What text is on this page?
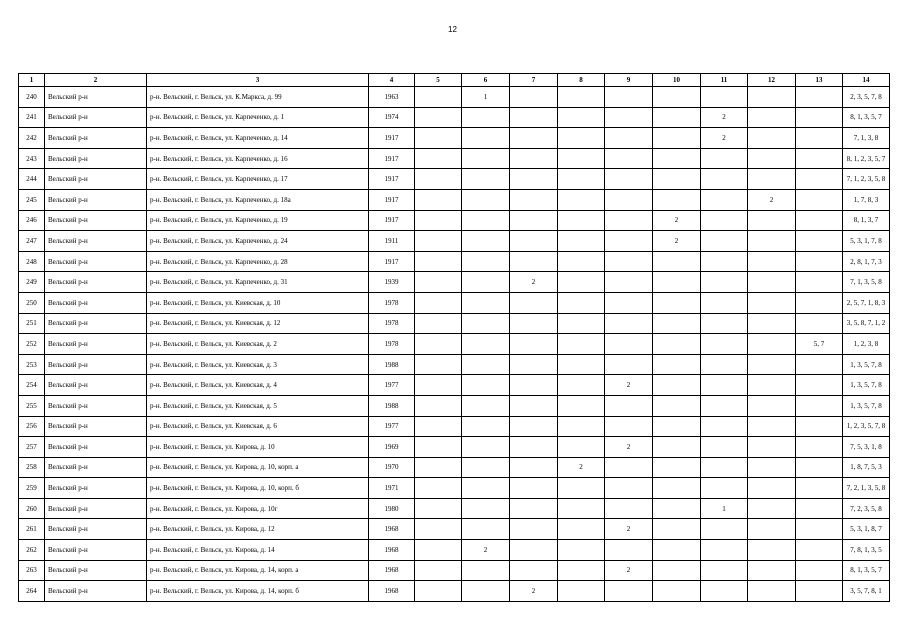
12
1	2	3	4	5	6	7	8	9	10	11	12	13	14
240	Вельский р-н	р-н. Вельский, г. Вельск, ул. К.Маркса, д. 99	1963		1								2, 3, 5, 7, 8
241	Вельский р-н	р-н. Вельский, г. Вельск, ул. Карпеченко, д. 1	1974							2			8, 1, 3, 5, 7
242	Вельский р-н	р-н. Вельский, г. Вельск, ул. Карпеченко, д. 14	1917							2			7, 1, 3, 8
243	Вельский р-н	р-н. Вельский, г. Вельск, ул. Карпеченко, д. 16	1917										8, 1, 2, 3, 5, 7
244	Вельский р-н	р-н. Вельский, г. Вельск, ул. Карпеченко, д. 17	1917										7, 1, 2, 3, 5, 8
245	Вельский р-н	р-н. Вельский, г. Вельск, ул. Карпеченко, д. 18а	1917								2		1, 7, 8, 3
246	Вельский р-н	р-н. Вельский, г. Вельск, ул. Карпеченко, д. 19	1917						2				8, 1, 3, 7
247	Вельский р-н	р-н. Вельский, г. Вельск, ул. Карпеченко, д. 24	1911						2				5, 3, 1, 7, 8
248	Вельский р-н	р-н. Вельский, г. Вельск, ул. Карпеченко, д. 28	1917										2, 8, 1, 7, 3
249	Вельский р-н	р-н. Вельский, г. Вельск, ул. Карпеченко, д. 31	1939			2							7, 1, 3, 5, 8
250	Вельский р-н	р-н. Вельский, г. Вельск, ул. Киевская, д. 10	1978										2, 5, 7, 1, 8, 3
251	Вельский р-н	р-н. Вельский, г. Вельск, ул. Киевская, д. 12	1978										3, 5, 8, 7, 1, 2
252	Вельский р-н	р-н. Вельский, г. Вельск, ул. Киевская, д. 2	1978									5, 7	1, 2, 3, 8
253	Вельский р-н	р-н. Вельский, г. Вельск, ул. Киевская, д. 3	1988										1, 3, 5, 7, 8
254	Вельский р-н	р-н. Вельский, г. Вельск, ул. Киевская, д. 4	1977					2					1, 3, 5, 7, 8
255	Вельский р-н	р-н. Вельский, г. Вельск, ул. Киевская, д. 5	1988										1, 3, 5, 7, 8
256	Вельский р-н	р-н. Вельский, г. Вельск, ул. Киевская, д. 6	1977										1, 2, 3, 5, 7, 8
257	Вельский р-н	р-н. Вельский, г. Вельск, ул. Кирова, д. 10	1969					2					7, 5, 3, 1, 8
258	Вельский р-н	р-н. Вельский, г. Вельск, ул. Кирова, д. 10, корп. а	1970				2						1, 8, 7, 5, 3
259	Вельский р-н	р-н. Вельский, г. Вельск, ул. Кирова, д. 10, корп. б	1971										7, 2, 1, 3, 5, 8
260	Вельский р-н	р-н. Вельский, г. Вельск, ул. Кирова, д. 10г	1980							1			7, 2, 3, 5, 8
261	Вельский р-н	р-н. Вельский, г. Вельск, ул. Кирова, д. 12	1968					2					5, 3, 1, 8, 7
262	Вельский р-н	р-н. Вельский, г. Вельск, ул. Кирова, д. 14	1968		2								7, 8, 1, 3, 5
263	Вельский р-н	р-н. Вельский, г. Вельск, ул. Кирова, д. 14, корп. а	1968					2					8, 1, 3, 5, 7
264	Вельский р-н	р-н. Вельский, г. Вельск, ул. Кирова, д. 14, корп. б	1968			2							3, 5, 7, 8, 1
